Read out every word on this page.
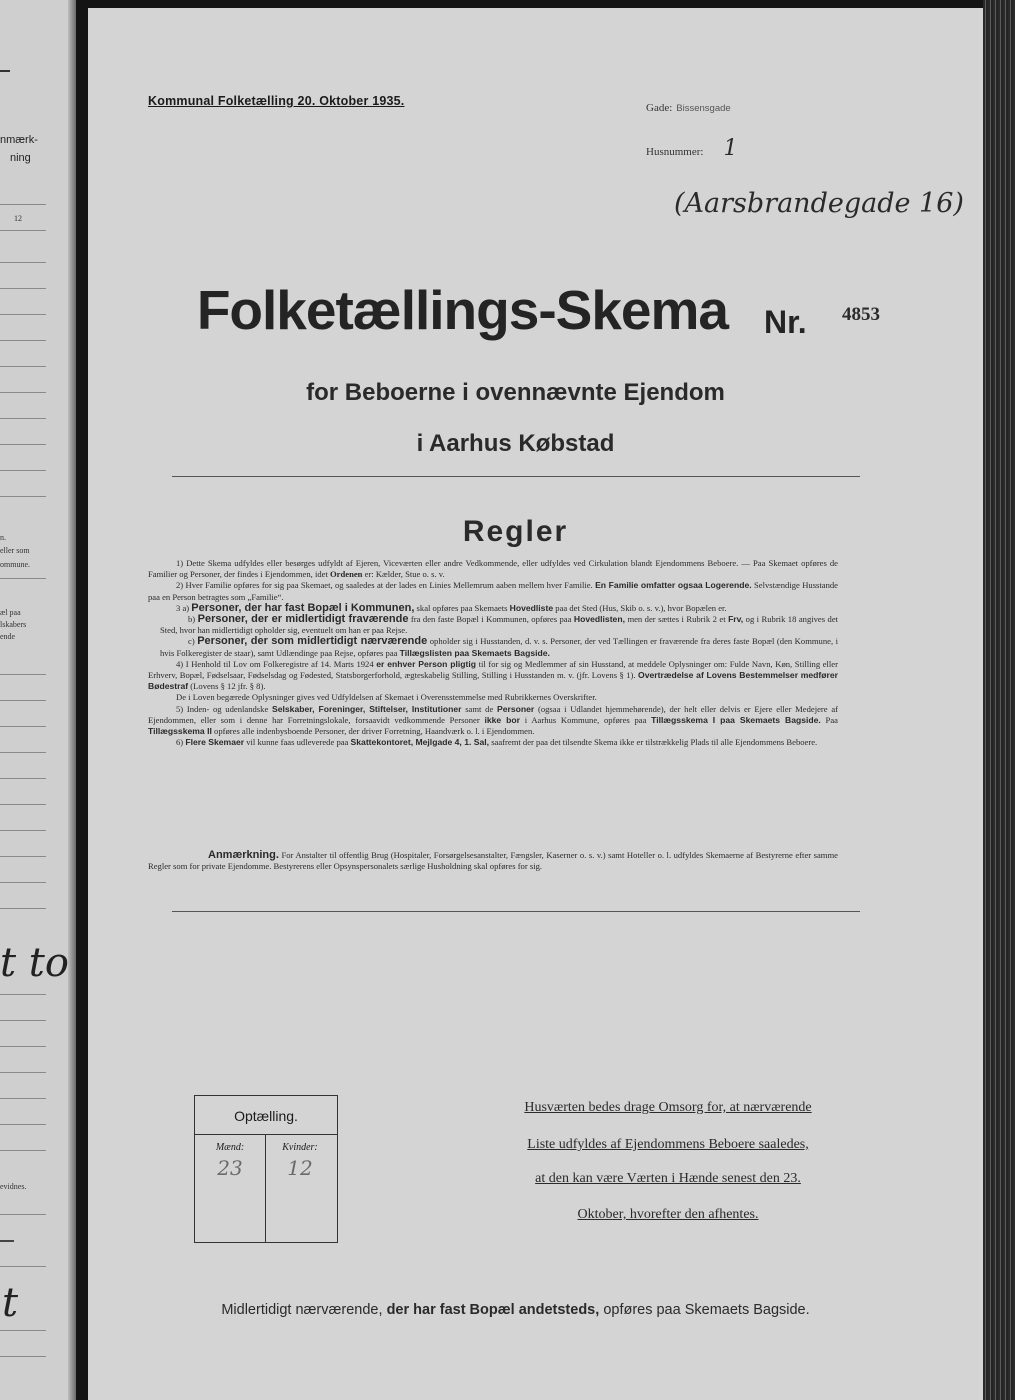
nmærk-
ning
12
n.
eller som
ommune.
æl paa
lskabers
ende
t to
evidnes.
t
Kommunal Folketælling 20. Oktober 1935.	Gade: Bissensgade
Husnummer: 1
(Aarsbrandegade 16)
Folketællings-Skema Nr. 4853
for Beboerne i ovennævnte Ejendom
i Aarhus Købstad
Regler

1) Dette Skema udfyldes eller besørges udfyldt af Ejeren, Viceværten eller andre Vedkommende, eller udfyldes ved Cirkulation blandt Ejendommens Beboere. — Paa Skemaet opføres de Familier og Personer, der findes i Ejendommen, idet Ordenen er: Kælder, Stue o. s. v.

2) Hver Familie opføres for sig paa Skemaet, og saaledes at der lades en Linies Mellemrum aaben mellem hver Familie. En Familie omfatter ogsaa Logerende. Selvstændige Husstande paa en Person betragtes som „Familie“.

3 a) Personer, der har fast Bopæl i Kommunen, skal opføres paa Skemaets Hovedliste paa det Sted (Hus, Skib o. s. v.), hvor Bopælen er.

b) Personer, der er midlertidigt fraværende fra den faste Bopæl i Kommunen, opføres paa Hovedlisten, men der sættes i Rubrik 2 et Frv, og i Rubrik 18 angives det Sted, hvor han midlertidigt opholder sig, eventuelt om han er paa Rejse.

c) Personer, der som midlertidigt nærværende opholder sig i Husstanden, d. v. s. Personer, der ved Tællingen er fraværende fra deres faste Bopæl (den Kommune, i hvis Folkeregister de staar), samt Udlændinge paa Rejse, opføres paa Tillægslisten paa Skemaets Bagside.

4) I Henhold til Lov om Folkeregistre af 14. Marts 1924 er enhver Person pligtig til for sig og Medlemmer af sin Husstand, at meddele Oplysninger om: Fulde Navn, Køn, Stilling eller Erhverv, Bopæl, Fødselsaar, Fødselsdag og Fødested, Statsborgerforhold, ægteskabelig Stilling, Stilling i Husstanden m. v. (jfr. Lovens § 1). Overtrædelse af Lovens Bestemmelser medfører Bødestraf (Lovens § 12 jfr. § 8).

De i Loven begærede Oplysninger gives ved Udfyldelsen af Skemaet i Overensstemmelse med Rubrikkernes Overskrifter.

5) Inden- og udenlandske Selskaber, Foreninger, Stiftelser, Institutioner samt de Personer (ogsaa i Udlandet hjemmehørende), der helt eller delvis er Ejere eller Medejere af Ejendommen, eller som i denne har Forretningslokale, forsaavidt vedkommende Personer ikke bor i Aarhus Kommune, opføres paa Tillægsskema I paa Skemaets Bagside. Paa Tillægsskema II opføres alle indenbysboende Personer, der driver Forretning, Haandværk o. l. i Ejendommen.

6) Flere Skemaer vil kunne faas udleverede paa Skattekontoret, Mejlgade 4, 1. Sal, saafremt der paa det tilsendte Skema ikke er tilstrækkelig Plads til alle Ejendommens Beboere.

Anmærkning. For Anstalter til offentlig Brug (Hospitaler, Forsørgelsesanstalter, Fængsler, Kaserner o. s. v.) samt Hoteller o. l. udfyldes Skemaerne af Bestyrerne efter samme Regler som for private Ejendomme. Bestyrerens eller Opsynspersonalets særlige Husholdning skal opføres for sig.

Optælling.
Mænd:	Kvinder:
23	12
Husværten bedes drage Omsorg for, at nærværende
Liste udfyldes af Ejendommens Beboere saaledes,
at den kan være Værten i Hænde senest den 23.
Oktober, hvorefter den afhentes.
Midlertidigt nærværende, der har fast Bopæl andetsteds, opføres paa Skemaets Bagside.
